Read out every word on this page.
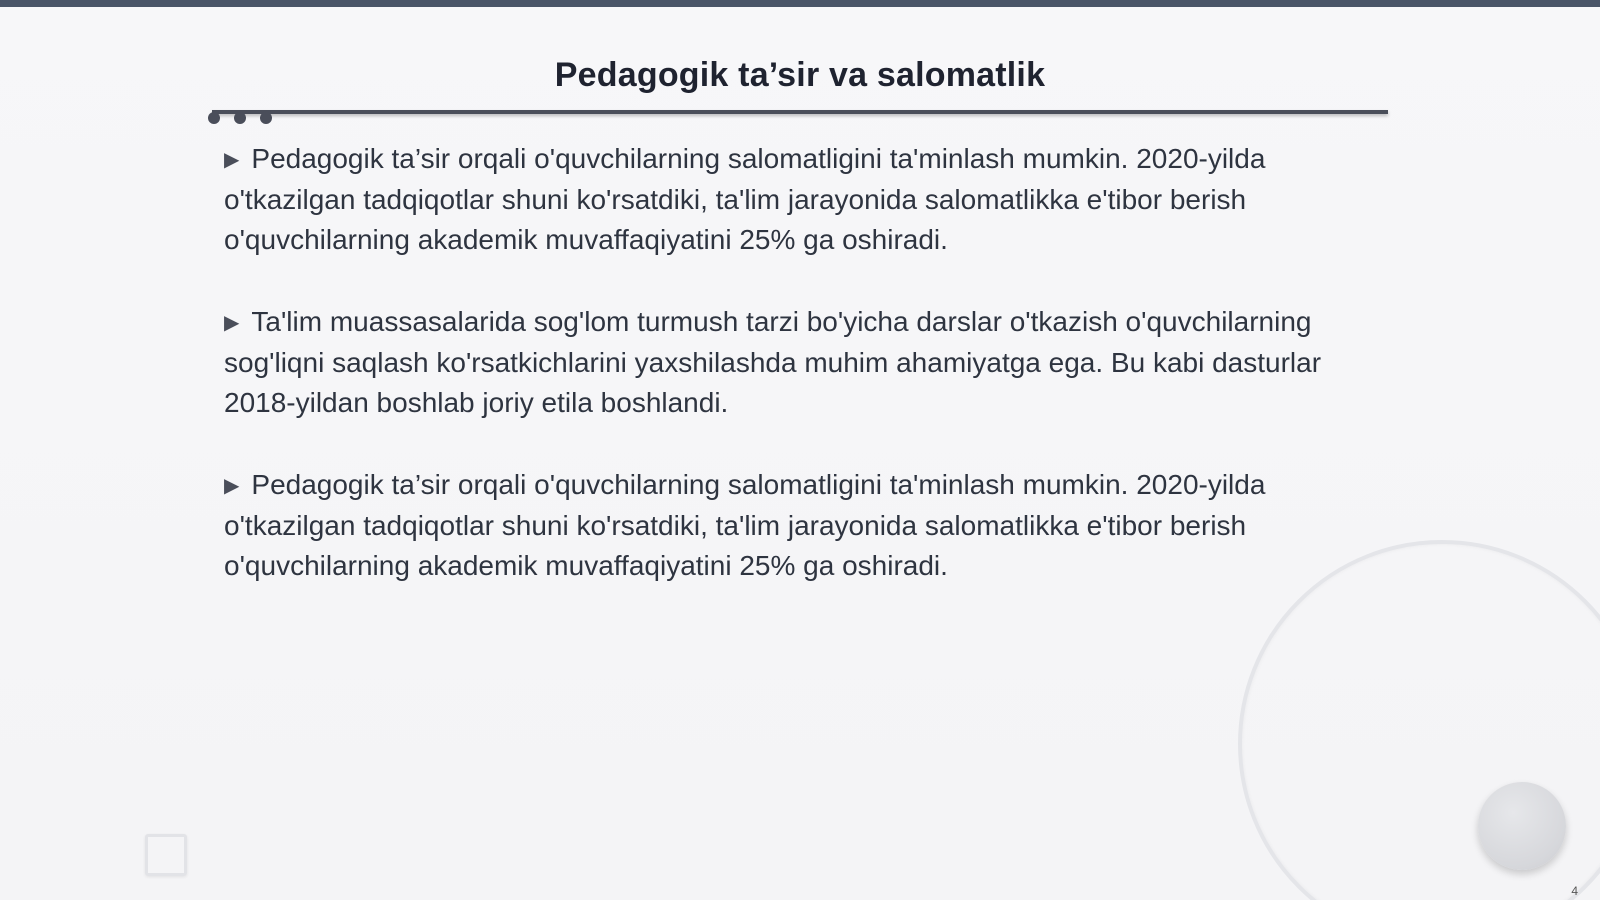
Pedagogik ta’sir va salomatlik

▶ Pedagogik ta’sir orqali o'quvchilarning salomatligini ta'minlash mumkin. 2020-yilda o'tkazilgan tadqiqotlar shuni ko'rsatdiki, ta'lim jarayonida salomatlikka e'tibor berish o'quvchilarning akademik muvaffaqiyatini 25% ga oshiradi.

▶ Ta'lim muassasalarida sog'lom turmush tarzi bo'yicha darslar o'tkazish o'quvchilarning sog'liqni saqlash ko'rsatkichlarini yaxshilashda muhim ahamiyatga ega. Bu kabi dasturlar 2018-yildan boshlab joriy etila boshlandi.

▶ Pedagogik ta’sir orqali o'quvchilarning salomatligini ta'minlash mumkin. 2020-yilda o'tkazilgan tadqiqotlar shuni ko'rsatdiki, ta'lim jarayonida salomatlikka e'tibor berish o'quvchilarning akademik muvaffaqiyatini 25% ga oshiradi.

4
